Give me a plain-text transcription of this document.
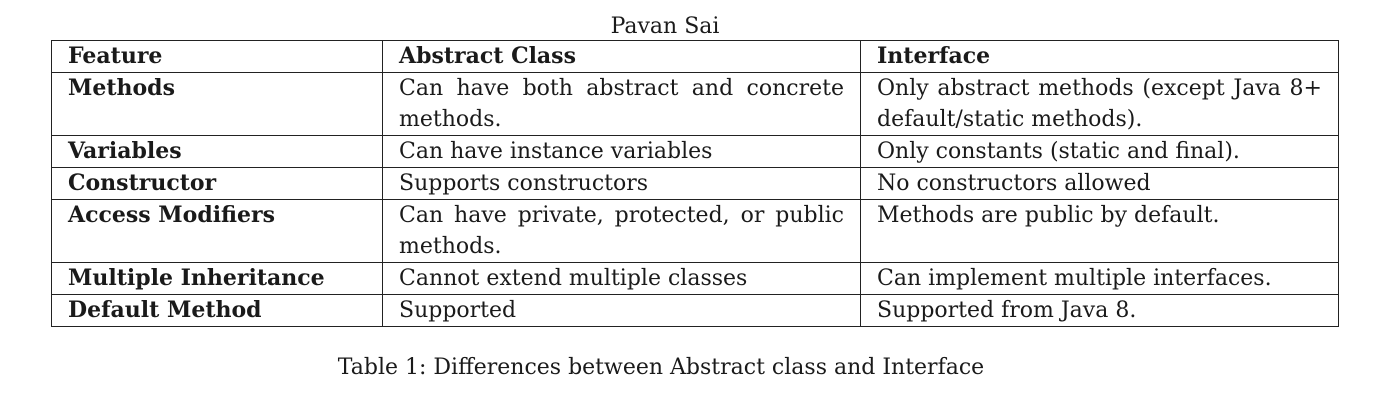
Pavan Sai
Feature	Abstract Class	Interface
Methods	Can have both abstract and concrete methods.	Only abstract methods (except Java 8+ default/static methods).
Variables	Can have instance variables	Only constants (static and final).
Constructor	Supports constructors	No constructors allowed
Access Modifiers	Can have private, protected, or public methods.	Methods are public by default.
Multiple Inheritance	Cannot extend multiple classes	Can implement multiple interfaces.
Default Method	Supported	Supported from Java 8.
Table 1: Differences between Abstract class and Interface
